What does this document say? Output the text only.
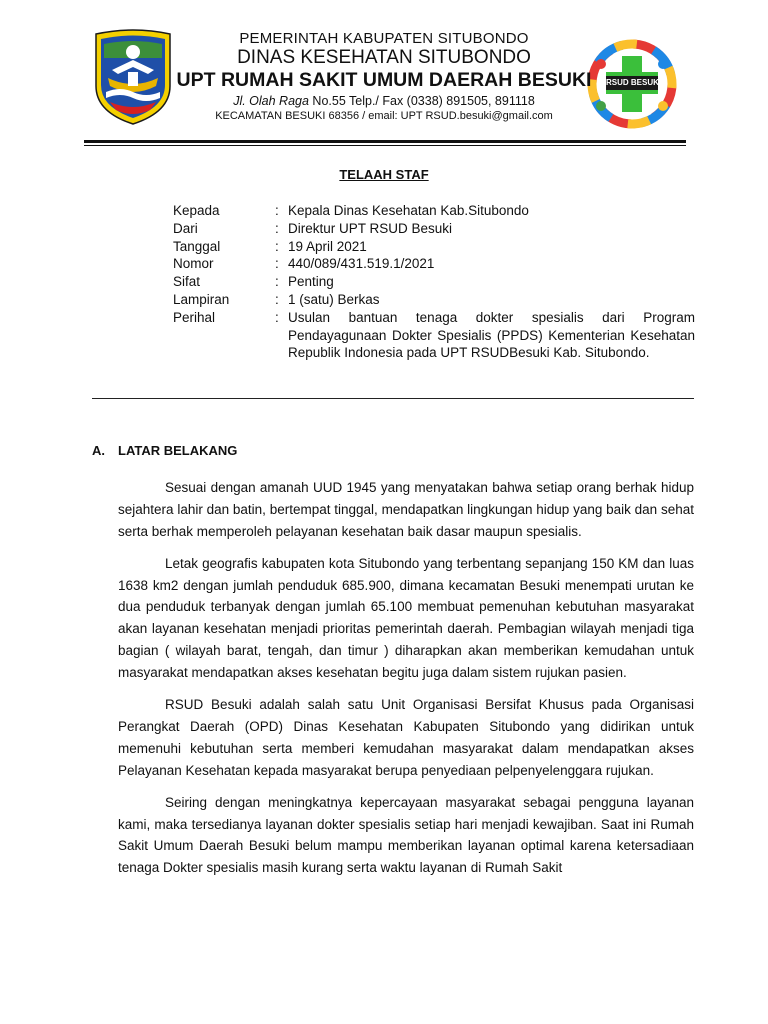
RSUD BESUKI
PEMERINTAH KABUPATEN SITUBONDO
DINAS KESEHATAN SITUBONDO
UPT RUMAH SAKIT UMUM DAERAH BESUKI
Jl. Olah Raga No.55 Telp./ Fax (0338) 891505, 891118
KECAMATAN BESUKI 68356 / email: UPT RSUD.besuki@gmail.com
TELAAH STAF
Kepada	: Kepala Dinas Kesehatan Kab.Situbondo
Dari	: Direktur UPT RSUD Besuki
Tanggal	: 19 April 2021
Nomor	: 440/089/431.519.1/2021
Sifat	: Penting
Lampiran	: 1 (satu) Berkas
Perihal	: Usulan bantuan tenaga dokter spesialis dari Program Pendayagunaan Dokter Spesialis (PPDS) Kementerian Kesehatan Republik Indonesia pada UPT RSUDBesuki Kab. Situbondo.
A. LATAR BELAKANG

Sesuai dengan amanah UUD 1945 yang menyatakan bahwa setiap orang berhak hidup sejahtera lahir dan batin, bertempat tinggal, mendapatkan lingkungan hidup yang baik dan sehat serta berhak memperoleh pelayanan kesehatan baik dasar maupun spesialis.

Letak geografis kabupaten kota Situbondo yang terbentang sepanjang 150 KM dan luas 1638 km2 dengan jumlah penduduk 685.900, dimana kecamatan Besuki menempati urutan ke dua penduduk terbanyak dengan jumlah 65.100 membuat pemenuhan kebutuhan masyarakat akan layanan kesehatan menjadi prioritas pemerintah daerah. Pembagian wilayah menjadi tiga bagian ( wilayah barat, tengah, dan timur ) diharapkan akan memberikan kemudahan untuk masyarakat mendapatkan akses kesehatan begitu juga dalam sistem rujukan pasien.

RSUD Besuki adalah salah satu Unit Organisasi Bersifat Khusus pada Organisasi Perangkat Daerah (OPD) Dinas Kesehatan Kabupaten Situbondo yang didirikan untuk memenuhi kebutuhan serta memberi kemudahan masyarakat dalam mendapatkan akses Pelayanan Kesehatan kepada masyarakat berupa penyediaan pelpenyelenggara rujukan.

Seiring dengan meningkatnya kepercayaan masyarakat sebagai pengguna layanan kami, maka tersedianya layanan dokter spesialis setiap hari menjadi kewajiban. Saat ini Rumah Sakit Umum Daerah Besuki belum mampu memberikan layanan optimal karena ketersadiaan tenaga Dokter spesialis masih kurang serta waktu layanan di Rumah Sakit
